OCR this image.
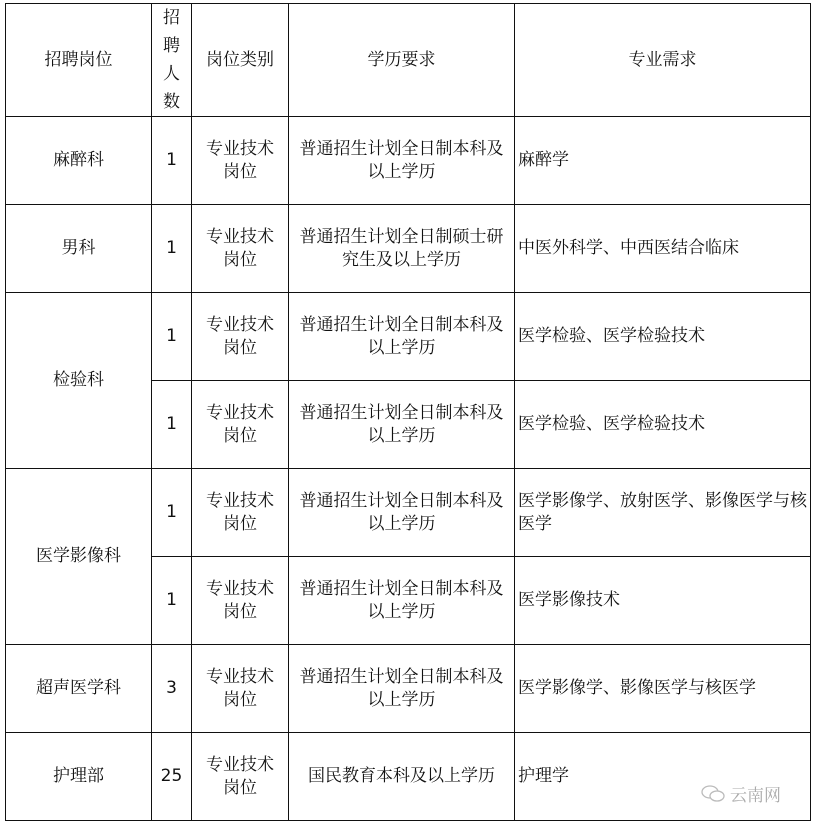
招聘岗位	招聘人数	岗位类别	学历要求	专业需求
麻醉科	1	专业技术岗位	普通招生计划全日制本科及以上学历	麻醉学
男科	1	专业技术岗位	普通招生计划全日制硕士研究生及以上学历	中医外科学、中西医结合临床
检验科	1	专业技术岗位	普通招生计划全日制本科及以上学历	医学检验、医学检验技术
	1	专业技术岗位	普通招生计划全日制本科及以上学历	医学检验、医学检验技术
医学影像科	1	专业技术岗位	普通招生计划全日制本科及以上学历	医学影像学、放射医学、影像医学与核医学
	1	专业技术岗位	普通招生计划全日制本科及以上学历	医学影像技术
超声医学科	3	专业技术岗位	普通招生计划全日制本科及以上学历	医学影像学、影像医学与核医学
护理部	25	专业技术岗位	国民教育本科及以上学历	护理学
云南网
